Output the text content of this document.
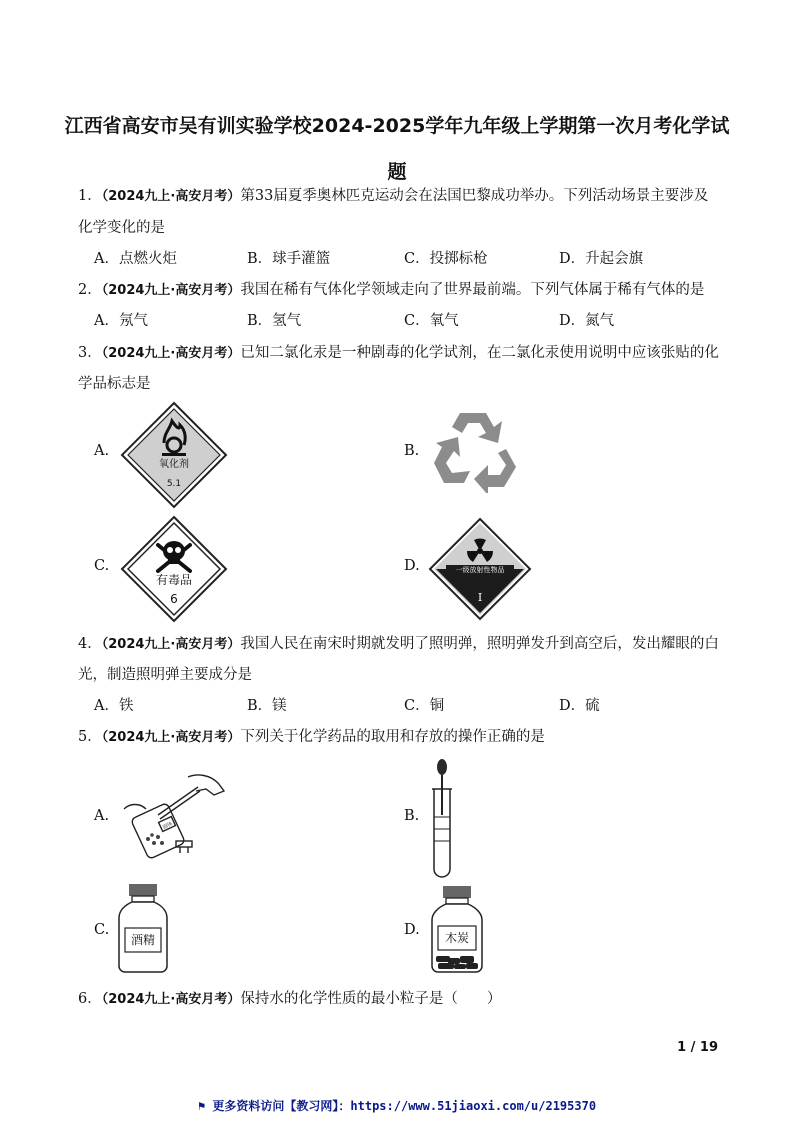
江西省高安市吴有训实验学校2024-2025学年九年级上学期第一次月考化学试
题
1．（2024九上·高安月考）第33届夏季奥林匹克运动会在法国巴黎成功举办。下列活动场景主要涉及
化学变化的是
A．点燃火炬	B．球手灌篮	C．投掷标枪	D．升起会旗
2．（2024九上·高安月考）我国在稀有气体化学领域走向了世界最前端。下列气体属于稀有气体的是
A．氖气	B．氢气	C．氧气	D．氮气
3．（2024九上·高安月考）已知二氯化汞是一种剧毒的化学试剂，在二氯化汞使用说明中应该张贴的化
学品标志是
A.
氧化剂
5.1
B.
C.
有毒品
6
D.	一级放射性物品
I
4．（2024九上·高安月考）我国人民在南宋时期就发明了照明弹，照明弹发升到高空后，发出耀眼的白
光，制造照明弹主要成分是
A．铁	B．镁	C．铜	D．硫
5．（2024九上·高安月考）下列关于化学药品的取用和存放的操作正确的是
A.
固体
B.
C.
酒精
D. 木炭
6．（2024九上·高安月考）保持水的化学性质的最小粒子是（　　）
1 / 19
⚑ 更多资料访问【教习网】：https://www.51jiaoxi.com/u/2195370
